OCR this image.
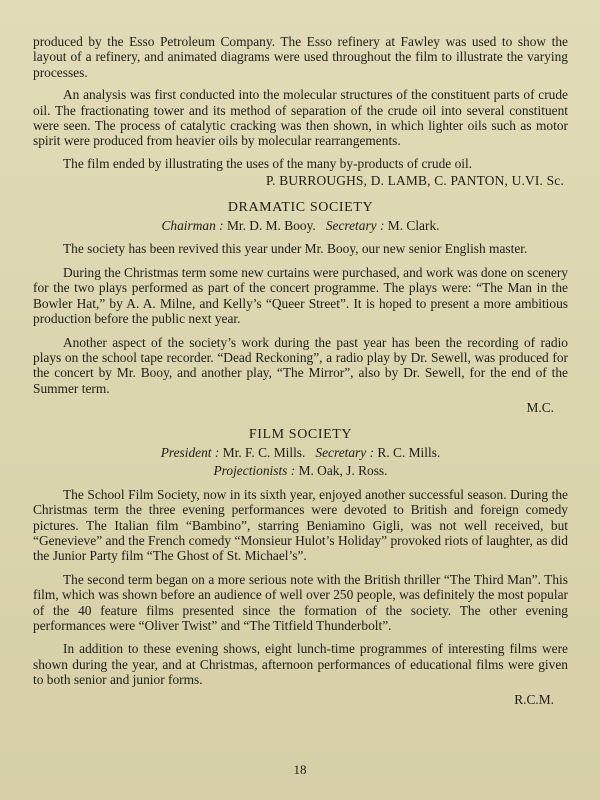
produced by the Esso Petroleum Company. The Esso refinery at Fawley was used to show the layout of a refinery, and animated diagrams were used throughout the film to illustrate the varying processes.

An analysis was first conducted into the molecular structures of the constituent parts of crude oil. The fractionating tower and its method of separation of the crude oil into several constituent were seen. The process of catalytic cracking was then shown, in which lighter oils such as motor spirit were produced from heavier oils by molecular rearrangements.

The film ended by illustrating the uses of the many by-products of crude oil.

P. BURROUGHS, D. LAMB, C. PANTON, U.VI. Sc.

DRAMATIC SOCIETY

Chairman : Mr. D. M. Booy. Secretary : M. Clark.

The society has been revived this year under Mr. Booy, our new senior English master.

During the Christmas term some new curtains were purchased, and work was done on scenery for the two plays performed as part of the concert programme. The plays were: “The Man in the Bowler Hat,” by A. A. Milne, and Kelly’s “Queer Street”. It is hoped to present a more ambitious production before the public next year.

Another aspect of the society’s work during the past year has been the recording of radio plays on the school tape recorder. “Dead Reckoning”, a radio play by Dr. Sewell, was produced for the concert by Mr. Booy, and another play, “The Mirror”, also by Dr. Sewell, for the end of the Summer term.

M.C.

FILM SOCIETY

President : Mr. F. C. Mills. Secretary : R. C. Mills.

Projectionists : M. Oak, J. Ross.

The School Film Society, now in its sixth year, enjoyed another successful season. During the Christmas term the three evening performances were devoted to British and foreign comedy pictures. The Italian film “Bambino”, starring Beniamino Gigli, was not well received, but “Genevieve” and the French comedy “Monsieur Hulot’s Holiday” provoked riots of laughter, as did the Junior Party film “The Ghost of St. Michael’s”.

The second term began on a more serious note with the British thriller “The Third Man”. This film, which was shown before an audience of well over 250 people, was definitely the most popular of the 40 feature films presented since the formation of the society. The other evening performances were “Oliver Twist” and “The Titfield Thunderbolt”.

In addition to these evening shows, eight lunch-time programmes of interesting films were shown during the year, and at Christmas, afternoon performances of educational films were given to both senior and junior forms.

R.C.M.

18
